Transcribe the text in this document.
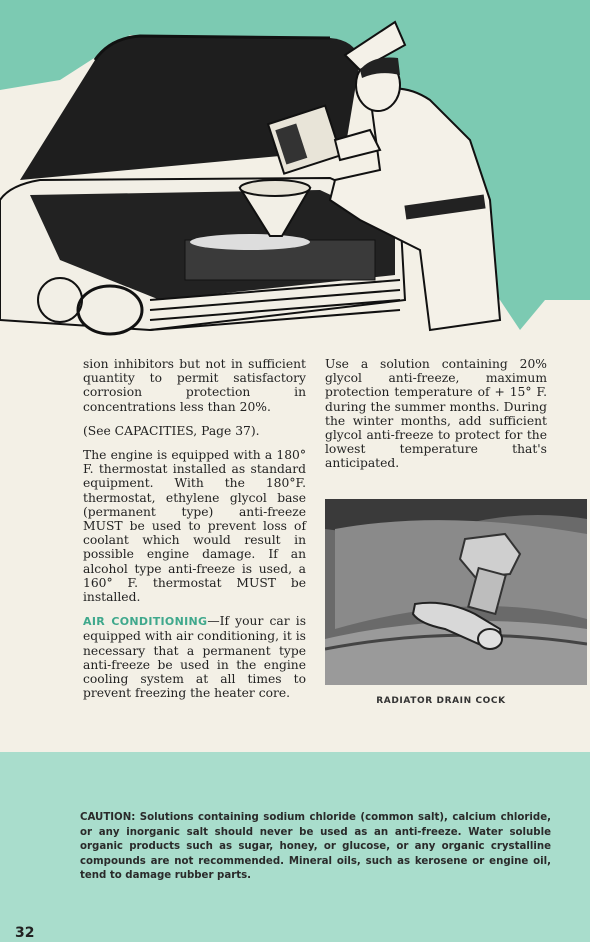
sion inhibitors but not in sufficient quantity to permit satisfactory corrosion protection in concentrations less than 20%.

(See CAPACITIES, Page 37).

The engine is equipped with a 180° F. thermostat installed as standard equipment. With the 180°F. thermostat, ethylene glycol base (permanent type) anti-freeze MUST be used to prevent loss of coolant which would result in possible engine damage. If an alcohol type anti-freeze is used, a 160° F. thermostat MUST be installed.

AIR CONDITIONING—If your car is equipped with air conditioning, it is necessary that a permanent type anti-freeze be used in the engine cooling system at all times to prevent freezing the heater core.

Use a solution containing 20% glycol anti-freeze, maximum protection temperature of + 15° F. during the summer months. During the winter months, add sufficient glycol anti-freeze to protect for the lowest temperature that's anticipated.

RADIATOR DRAIN COCK
CAUTION: Solutions containing sodium chloride (common salt), calcium chloride, or any inorganic salt should never be used as an anti-freeze. Water soluble organic products such as sugar, honey, or glucose, or any organic crystalline compounds are not recommended. Mineral oils, such as kerosene or engine oil, tend to damage rubber parts.
32
